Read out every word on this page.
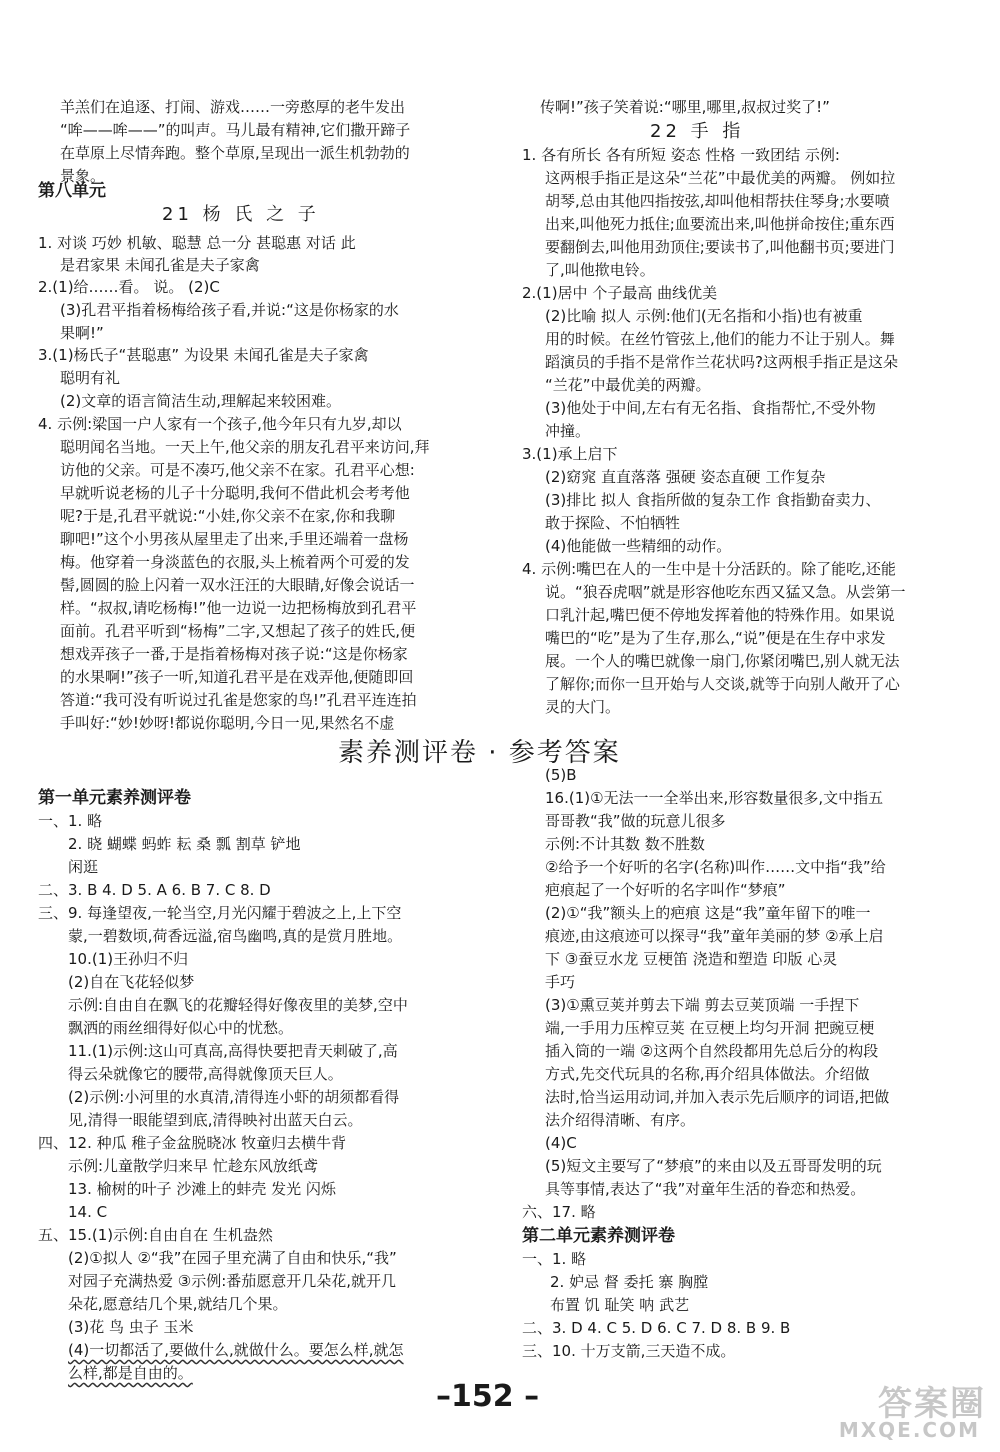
羊羔们在追逐、打闹、游戏……一旁憨厚的老牛发出
“哞——哞——”的叫声。马儿最有精神,它们撒开蹄子
在草原上尽情奔跑。整个草原,呈现出一派生机勃勃的
景象。
第八单元
21 杨 氏 之 子
1. 对谈 巧妙 机敏、聪慧 总一分 甚聪惠 对话 此
是君家果 未闻孔雀是夫子家禽
2.(1)给……看。 说。 (2)C
(3)孔君平指着杨梅给孩子看,并说:“这是你杨家的水
果啊!”
3.(1)杨氏子“甚聪惠” 为设果 未闻孔雀是夫子家禽
聪明有礼
(2)文章的语言简洁生动,理解起来较困难。
4. 示例:梁国一户人家有一个孩子,他今年只有九岁,却以
聪明闻名当地。一天上午,他父亲的朋友孔君平来访问,拜
访他的父亲。可是不凑巧,他父亲不在家。孔君平心想:
早就听说老杨的儿子十分聪明,我何不借此机会考考他
呢?于是,孔君平就说:“小娃,你父亲不在家,你和我聊
聊吧!”这个小男孩从屋里走了出来,手里还端着一盘杨
梅。他穿着一身淡蓝色的衣服,头上梳着两个可爱的发
髻,圆圆的脸上闪着一双水汪汪的大眼睛,好像会说话一
样。“叔叔,请吃杨梅!”他一边说一边把杨梅放到孔君平
面前。孔君平听到“杨梅”二字,又想起了孩子的姓氏,便
想戏弄孩子一番,于是指着杨梅对孩子说:“这是你杨家
的水果啊!”孩子一听,知道孔君平是在戏弄他,便随即回
答道:“我可没有听说过孔雀是您家的鸟!”孔君平连连拍
手叫好:“妙!妙呀!都说你聪明,今日一见,果然名不虚
传啊!”孩子笑着说:“哪里,哪里,叔叔过奖了!”
22 手 指
1. 各有所长 各有所短 姿态 性格 一致团结 示例:
这两根手指正是这朵“兰花”中最优美的两瓣。 例如拉
胡琴,总由其他四指按弦,却叫他相帮扶住琴身;水要喷
出来,叫他死力抵住;血要流出来,叫他拼命按住;重东西
要翻倒去,叫他用劲顶住;要读书了,叫他翻书页;要进门
了,叫他揿电铃。
2.(1)居中 个子最高 曲线优美
(2)比喻 拟人 示例:他们(无名指和小指)也有被重
用的时候。在丝竹管弦上,他们的能力不让于别人。舞
蹈演员的手指不是常作兰花状吗?这两根手指正是这朵
“兰花”中最优美的两瓣。
(3)他处于中间,左右有无名指、食指帮忙,不受外物
冲撞。
3.(1)承上启下
(2)窈窕 直直落落 强硬 姿态直硬 工作复杂
(3)排比 拟人 食指所做的复杂工作 食指勤奋卖力、
敢于探险、不怕牺牲
(4)他能做一些精细的动作。
4. 示例:嘴巴在人的一生中是十分活跃的。除了能吃,还能
说。“狼吞虎咽”就是形容他吃东西又猛又急。从尝第一
口乳汁起,嘴巴便不停地发挥着他的特殊作用。如果说
嘴巴的“吃”是为了生存,那么,“说”便是在生存中求发
展。一个人的嘴巴就像一扇门,你紧闭嘴巴,别人就无法
了解你;而你一旦开始与人交谈,就等于向别人敞开了心
灵的大门。
素养测评卷 · 参考答案
第一单元素养测评卷
一、1. 略
2. 晓 蝴蝶 蚂蚱 耘 桑 瓢 割草 铲地
闲逛
二、3. B 4. D 5. A 6. B 7. C 8. D
三、9. 每逢望夜,一轮当空,月光闪耀于碧波之上,上下空
蒙,一碧数顷,荷香远溢,宿鸟幽鸣,真的是赏月胜地。
10.(1)王孙归不归
(2)自在飞花轻似梦
示例:自由自在飘飞的花瓣轻得好像夜里的美梦,空中
飘洒的雨丝细得好似心中的忧愁。
11.(1)示例:这山可真高,高得快要把青天刺破了,高
得云朵就像它的腰带,高得就像顶天巨人。
(2)示例:小河里的水真清,清得连小虾的胡须都看得
见,清得一眼能望到底,清得映衬出蓝天白云。
四、12. 种瓜 稚子金盆脱晓冰 牧童归去横牛背
示例:儿童散学归来早 忙趁东风放纸鸢
13. 榆树的叶子 沙滩上的蚌壳 发光 闪烁
14. C
五、15.(1)示例:自由自在 生机盎然
(2)①拟人 ②“我”在园子里充满了自由和快乐,“我”
对园子充满热爱 ③示例:番茄愿意开几朵花,就开几
朵花,愿意结几个果,就结几个果。
(3)花 鸟 虫子 玉米
(4)一切都活了,要做什么,就做什么。要怎么样,就怎
么样,都是自由的。
(5)B
16.(1)①无法一一全举出来,形容数量很多,文中指五
哥哥教“我”做的玩意儿很多
示例:不计其数 数不胜数
②给予一个好听的名字(名称)叫作……文中指“我”给
疤痕起了一个好听的名字叫作“梦痕”
(2)①“我”额头上的疤痕 这是“我”童年留下的唯一
痕迹,由这痕迹可以探寻“我”童年美丽的梦 ②承上启
下 ③蚕豆水龙 豆梗笛 浇造和塑造 印版 心灵
手巧
(3)①熏豆荚并剪去下端 剪去豆荚顶端 一手捏下
端,一手用力压榨豆荚 在豆梗上均匀开洞 把豌豆梗
插入筒的一端 ②这两个自然段都用先总后分的构段
方式,先交代玩具的名称,再介绍具体做法。介绍做
法时,恰当运用动词,并加入表示先后顺序的词语,把做
法介绍得清晰、有序。
(4)C
(5)短文主要写了“梦痕”的来由以及五哥哥发明的玩
具等事情,表达了“我”对童年生活的眷恋和热爱。
六、17. 略
第二单元素养测评卷
一、1. 略
2. 妒忌 督 委托 寨 胸膛
布置 饥 耻笑 呐 武艺
二、3. D 4. C 5. D 6. C 7. D 8. B 9. B
三、10. 十万支箭,三天造不成。
–152 –	答案圈
MXQE.COM
